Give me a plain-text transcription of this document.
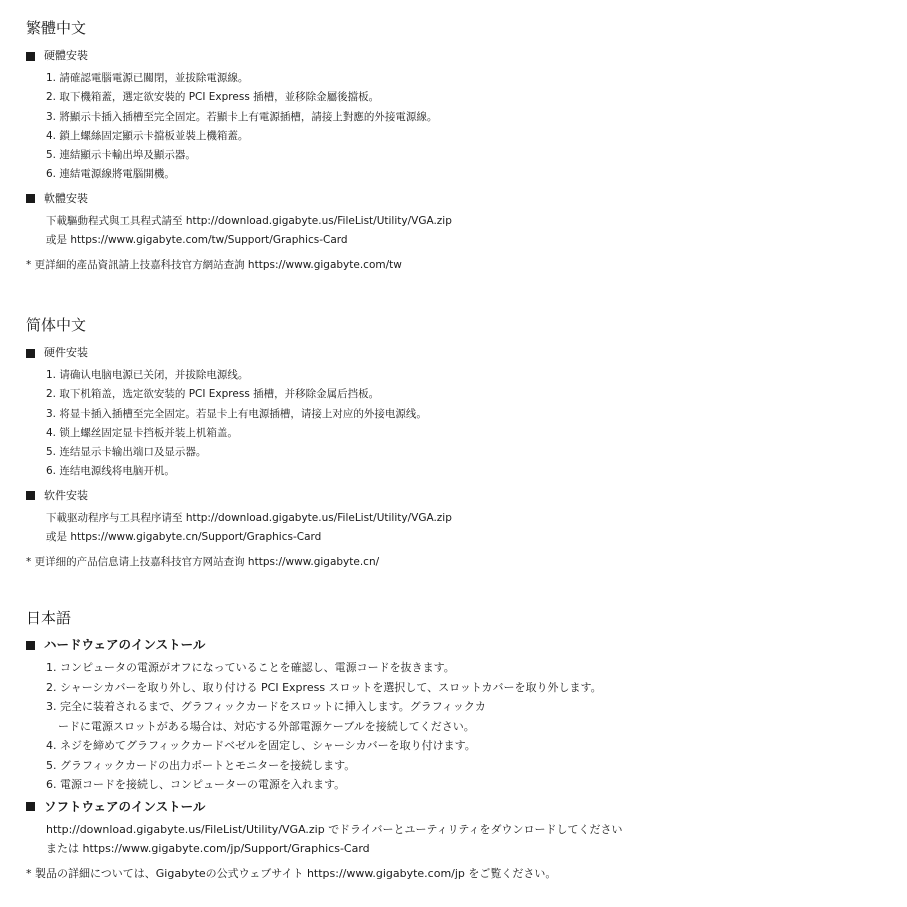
繁體中文
硬體安裝
1. 請確認電腦電源已關閉，並拔除電源線。
2. 取下機箱蓋，選定欲安裝的 PCI Express 插槽，並移除金屬後擋板。
3. 將顯示卡插入插槽至完全固定。若顯卡上有電源插槽，請接上對應的外接電源線。
4. 鎖上螺絲固定顯示卡擋板並裝上機箱蓋。
5. 連結顯示卡輸出埠及顯示器。
6. 連結電源線將電腦開機。
軟體安裝
下載驅動程式與工具程式請至 http://download.gigabyte.us/FileList/Utility/VGA.zip
或是 https://www.gigabyte.com/tw/Support/Graphics-Card
* 更詳細的產品資訊請上技嘉科技官方網站查詢 https://www.gigabyte.com/tw
简体中文
硬件安装
1. 请确认电脑电源已关闭，并拔除电源线。
2. 取下机箱盖，选定欲安装的 PCI Express 插槽，并移除金属后挡板。
3. 将显卡插入插槽至完全固定。若显卡上有电源插槽，请接上对应的外接电源线。
4. 锁上螺丝固定显卡挡板并装上机箱盖。
5. 连结显示卡输出端口及显示器。
6. 连结电源线将电脑开机。
软件安装
下載驱动程序与工具程序请至 http://download.gigabyte.us/FileList/Utility/VGA.zip
或是 https://www.gigabyte.cn/Support/Graphics-Card
* 更详细的产品信息请上技嘉科技官方网站查询 https://www.gigabyte.cn/
日本語
ハードウェアのインストール
1. コンピュータの電源がオフになっていることを確認し、電源コードを抜きます。
2. シャーシカバーを取り外し、取り付ける PCI Express スロットを選択して、スロットカバーを取り外します。
3. 完全に装着されるまで、グラフィックカードをスロットに挿入します。グラフィックカ
ードに電源スロットがある場合は、対応する外部電源ケーブルを接続してください。
4. ネジを締めてグラフィックカードベゼルを固定し、シャーシカバーを取り付けます。
5. グラフィックカードの出力ポートとモニターを接続します。
6. 電源コードを接続し、コンピューターの電源を入れます。
ソフトウェアのインストール
http://download.gigabyte.us/FileList/Utility/VGA.zip でドライバーとユーティリティをダウンロードしてください
または https://www.gigabyte.com/jp/Support/Graphics-Card
* 製品の詳細については、Gigabyteの公式ウェブサイト https://www.gigabyte.com/jp をご覧ください。
